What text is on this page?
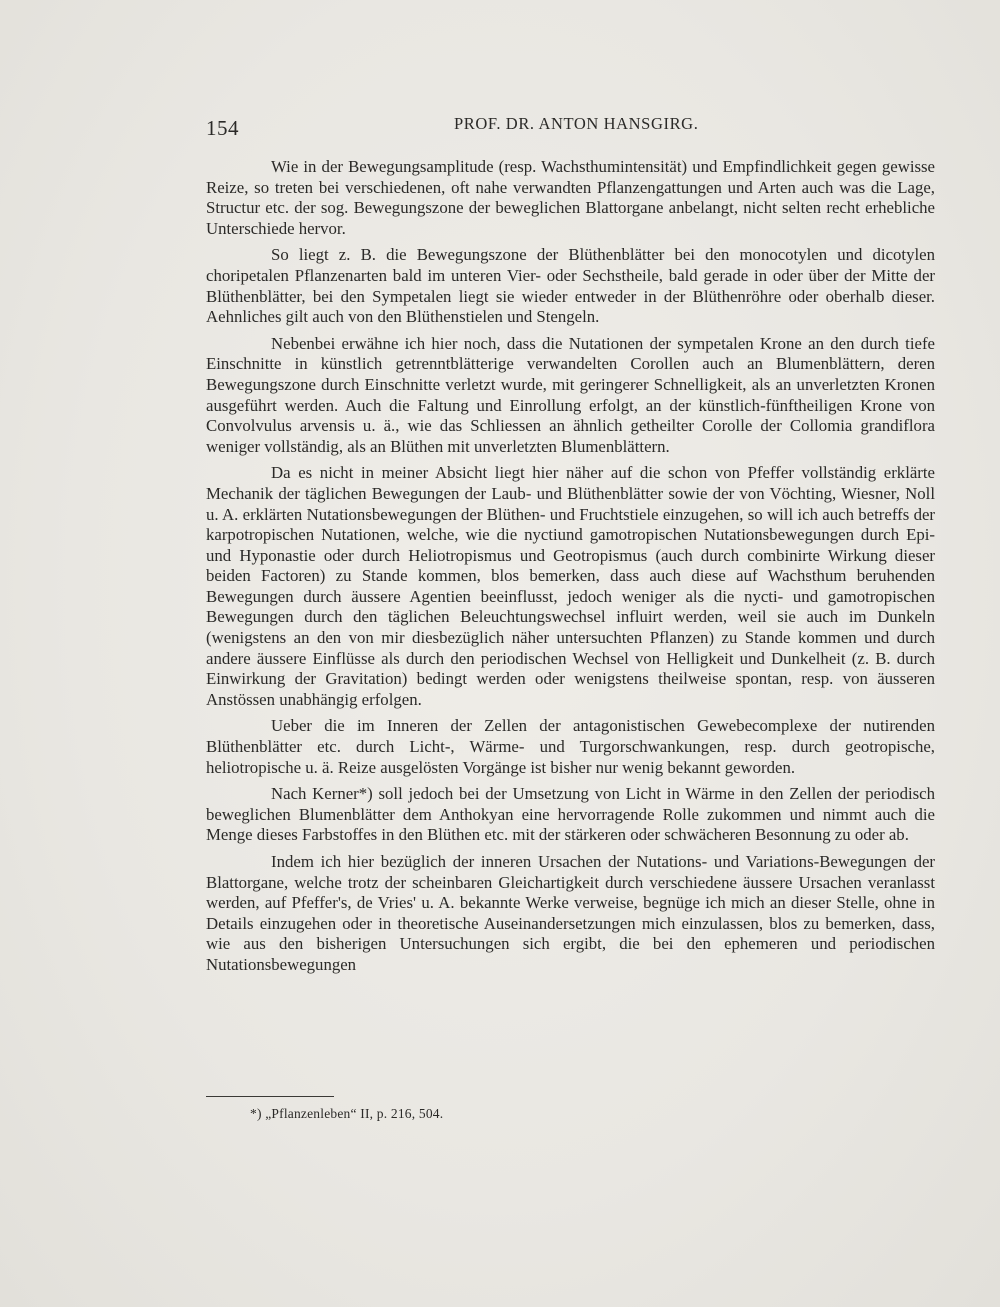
154	PROF. DR. ANTON HANSGIRG.

Wie in der Bewegungsamplitude (resp. Wachsthumintensität) und Empfindlichkeit gegen gewisse Reize, so treten bei verschiedenen, oft nahe verwandten Pflanzengattungen und Arten auch was die Lage, Structur etc. der sog. Bewegungszone der beweglichen Blattorgane anbelangt, nicht selten recht erhebliche Unterschiede hervor.

So liegt z. B. die Bewegungszone der Blüthenblätter bei den monocotylen und dicotylen choripetalen Pflanzenarten bald im unteren Vier- oder Sechstheile, bald gerade in oder über der Mitte der Blüthenblätter, bei den Sympetalen liegt sie wieder entweder in der Blüthenröhre oder oberhalb dieser. Aehnliches gilt auch von den Blüthenstielen und Stengeln.

Nebenbei erwähne ich hier noch, dass die Nutationen der sympetalen Krone an den durch tiefe Einschnitte in künstlich getrenntblätterige verwandelten Corollen auch an Blumenblättern, deren Bewegungszone durch Einschnitte verletzt wurde, mit geringerer Schnelligkeit, als an unverletzten Kronen ausgeführt werden. Auch die Faltung und Einrollung erfolgt, an der künstlich-fünftheiligen Krone von Convolvulus arvensis u. ä., wie das Schliessen an ähnlich getheilter Corolle der Collomia grandiflora weniger vollständig, als an Blüthen mit unverletzten Blumenblättern.

Da es nicht in meiner Absicht liegt hier näher auf die schon von Pfeffer vollständig erklärte Mechanik der täglichen Bewegungen der Laub- und Blüthenblätter sowie der von Vöchting, Wiesner, Noll u. A. erklärten Nutationsbewegungen der Blüthen- und Fruchtstiele einzugehen, so will ich auch betreffs der karpotropischen Nutationen, welche, wie die nyctiund gamotropischen Nutationsbewegungen durch Epi- und Hyponastie oder durch Heliotropismus und Geotropismus (auch durch combinirte Wirkung dieser beiden Factoren) zu Stande kommen, blos bemerken, dass auch diese auf Wachsthum beruhenden Bewegungen durch äussere Agentien beeinflusst, jedoch weniger als die nycti- und gamotropischen Bewegungen durch den täglichen Beleuchtungswechsel influirt werden, weil sie auch im Dunkeln (wenigstens an den von mir diesbezüglich näher untersuchten Pflanzen) zu Stande kommen und durch andere äussere Einflüsse als durch den periodischen Wechsel von Helligkeit und Dunkelheit (z. B. durch Einwirkung der Gravitation) bedingt werden oder wenigstens theilweise spontan, resp. von äusseren Anstössen unabhängig erfolgen.

Ueber die im Inneren der Zellen der antagonistischen Gewebecomplexe der nutirenden Blüthenblätter etc. durch Licht-, Wärme- und Turgorschwankungen, resp. durch geotropische, heliotropische u. ä. Reize ausgelösten Vorgänge ist bisher nur wenig bekannt geworden.

Nach Kerner*) soll jedoch bei der Umsetzung von Licht in Wärme in den Zellen der periodisch beweglichen Blumenblätter dem Anthokyan eine hervorragende Rolle zukommen und nimmt auch die Menge dieses Farbstoffes in den Blüthen etc. mit der stärkeren oder schwächeren Besonnung zu oder ab.

Indem ich hier bezüglich der inneren Ursachen der Nutations- und Variations-Bewegungen der Blattorgane, welche trotz der scheinbaren Gleichartigkeit durch verschiedene äussere Ursachen veranlasst werden, auf Pfeffer's, de Vries' u. A. bekannte Werke verweise, begnüge ich mich an dieser Stelle, ohne in Details einzugehen oder in theoretische Auseinandersetzungen mich einzulassen, blos zu bemerken, dass, wie aus den bisherigen Untersuchungen sich ergibt, die bei den ephemeren und periodischen Nutationsbewegungen

*) „Pflanzenleben“ II, p. 216, 504.
